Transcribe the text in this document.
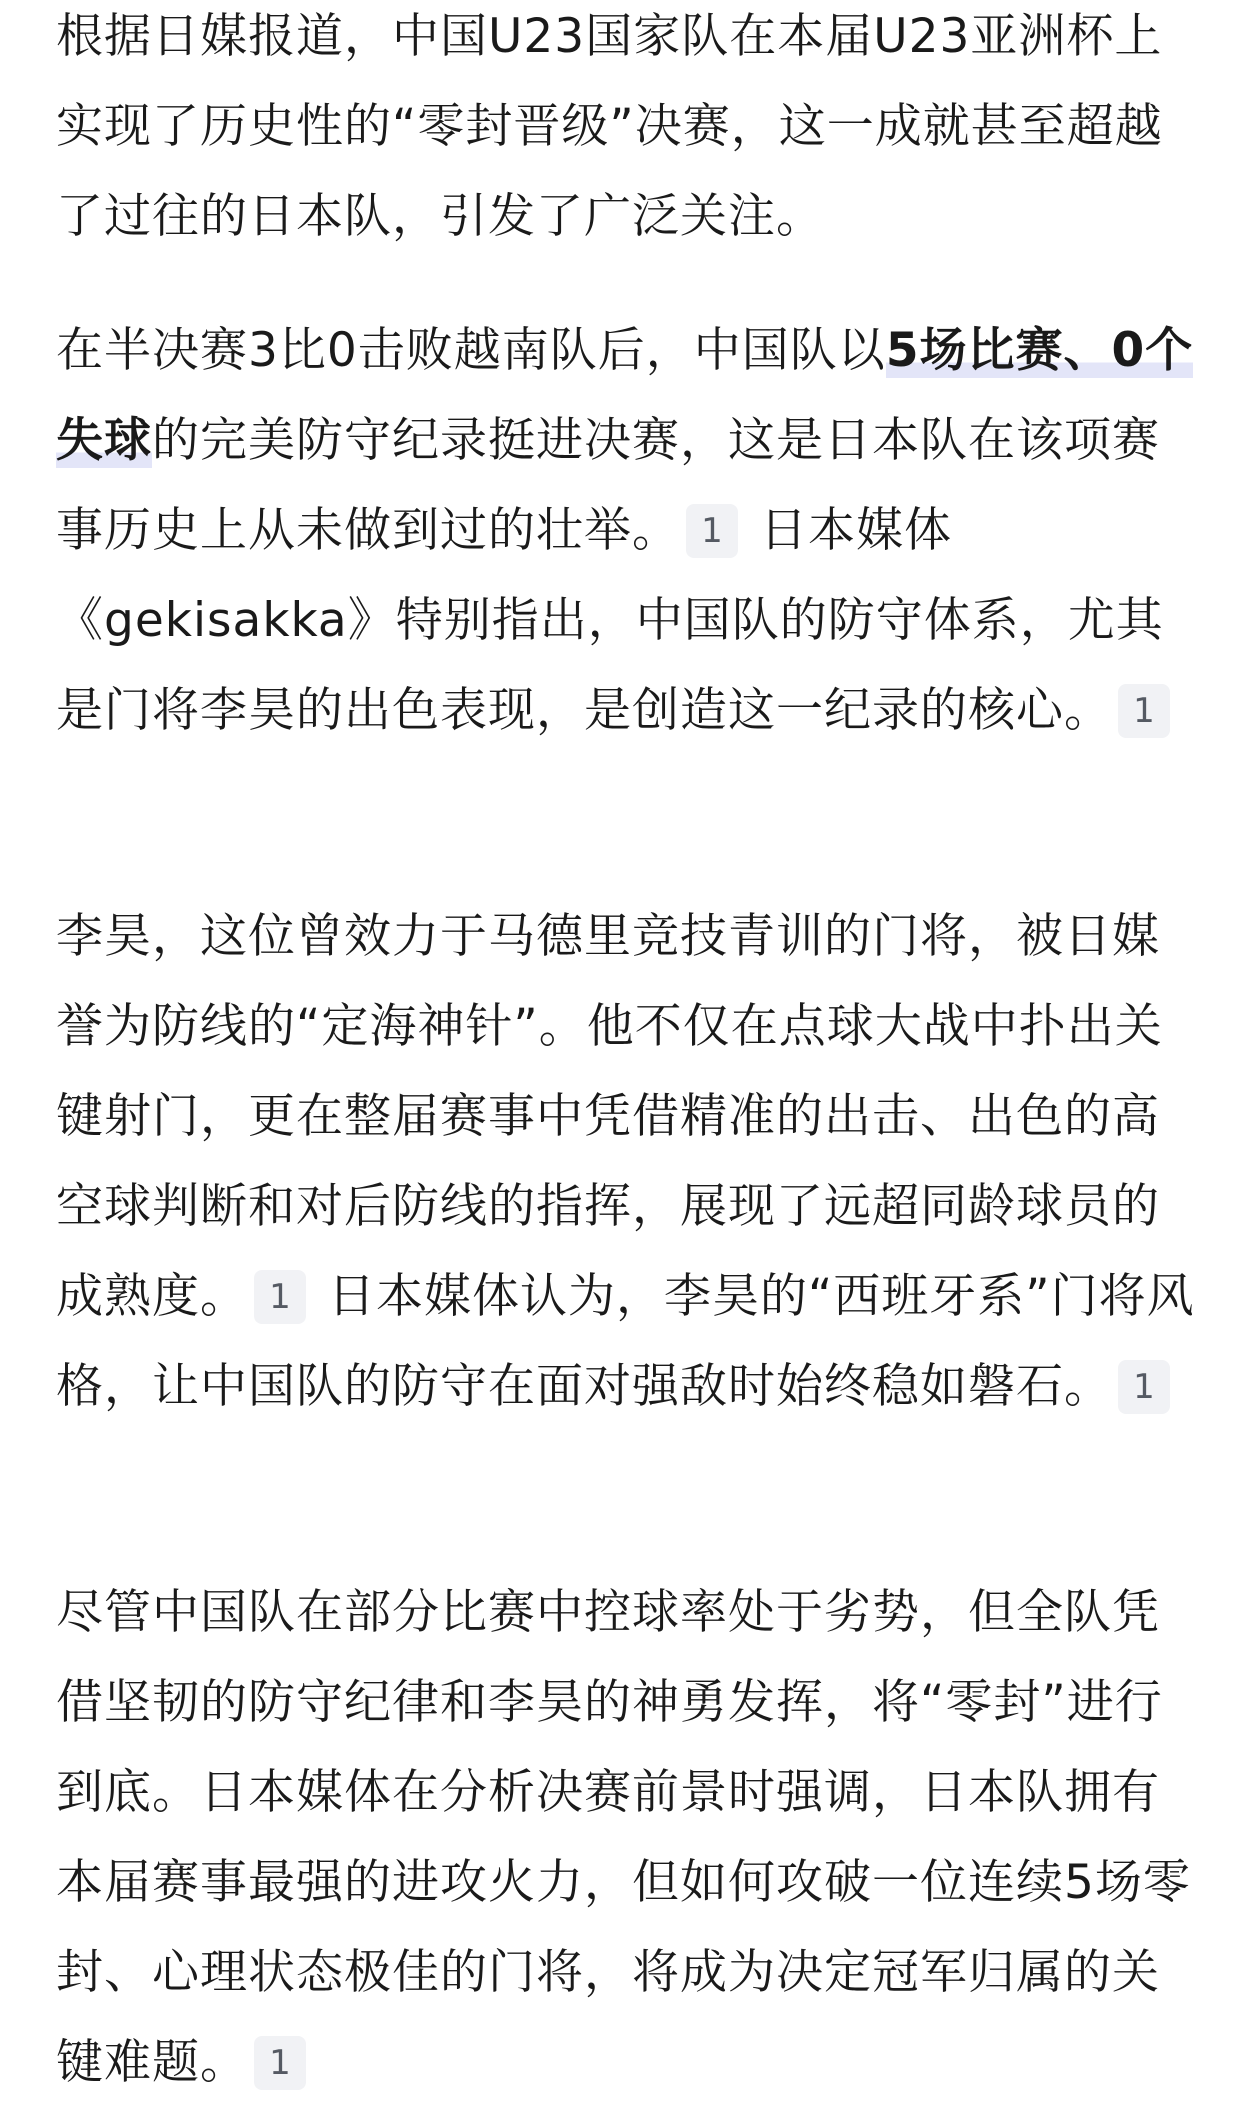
根据日媒报道，中国U23国家队在本届U23亚洲杯上实现了历史性的“零封晋级”决赛，这一成就甚至超越了过往的日本队，引发了广泛关注。

在半决赛3比0击败越南队后，中国队以5场比赛、0个失球的完美防守纪录挺进决赛，这是日本队在该项赛事历史上从未做到过的壮举。 1 日本媒体《gekisakka》特别指出，中国队的防守体系，尤其是门将李昊的出色表现，是创造这一纪录的核心。 1

李昊，这位曾效力于马德里竞技青训的门将，被日媒誉为防线的“定海神针”。他不仅在点球大战中扑出关键射门，更在整届赛事中凭借精准的出击、出色的高空球判断和对后防线的指挥，展现了远超同龄球员的成熟度。 1 日本媒体认为，李昊的“西班牙系”门将风格，让中国队的防守在面对强敌时始终稳如磐石。 1

尽管中国队在部分比赛中控球率处于劣势，但全队凭借坚韧的防守纪律和李昊的神勇发挥，将“零封”进行到底。日本媒体在分析决赛前景时强调，日本队拥有本届赛事最强的进攻火力，但如何攻破一位连续5场零封、心理状态极佳的门将，将成为决定冠军归属的关键难题。 1
